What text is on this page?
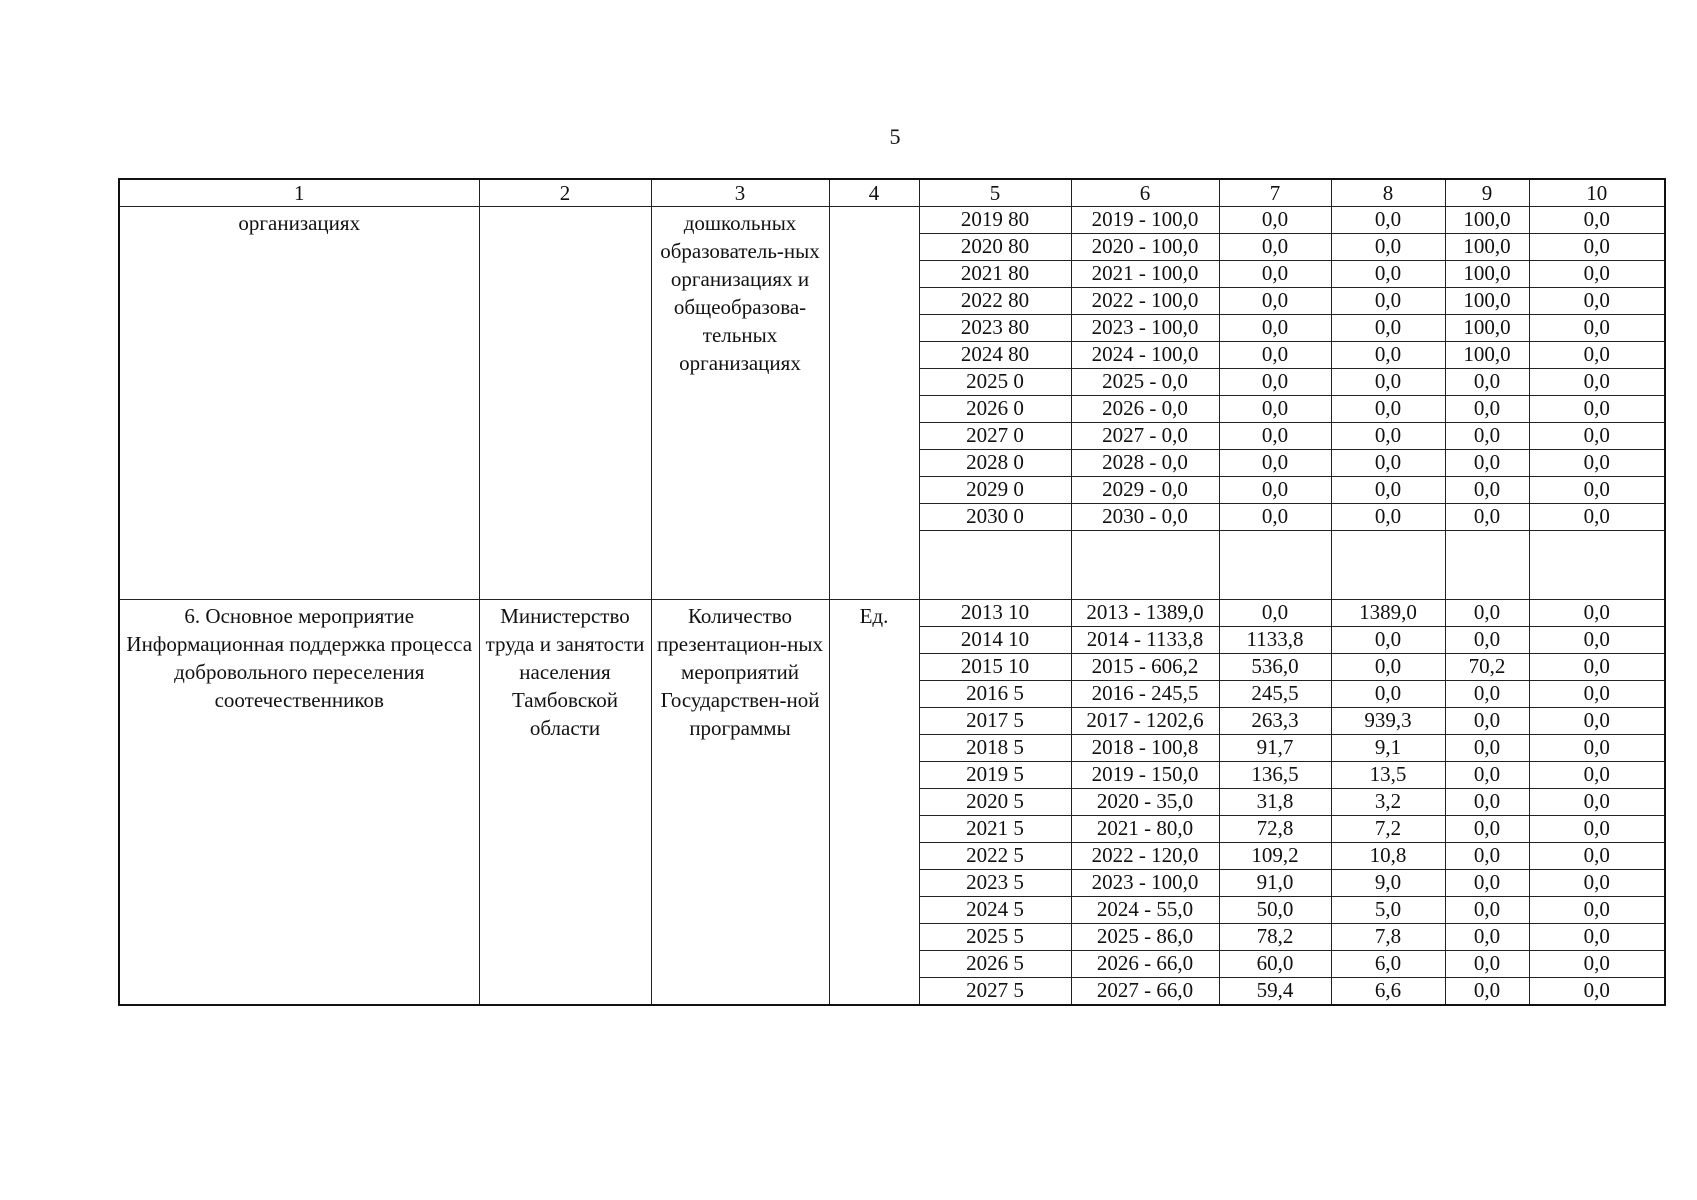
5
1	2	3	4	5	6	7	8	9	10
организациях		дошкольных образователь-ных организациях и общеобразова-тельных организациях		2019 80	2019 - 100,0	0,0	0,0	100,0	0,0
				2020 80	2020 - 100,0	0,0	0,0	100,0	0,0
				2021 80	2021 - 100,0	0,0	0,0	100,0	0,0
				2022 80	2022 - 100,0	0,0	0,0	100,0	0,0
				2023 80	2023 - 100,0	0,0	0,0	100,0	0,0
				2024 80	2024 - 100,0	0,0	0,0	100,0	0,0
				2025 0	2025 - 0,0	0,0	0,0	0,0	0,0
				2026 0	2026 - 0,0	0,0	0,0	0,0	0,0
				2027 0	2027 - 0,0	0,0	0,0	0,0	0,0
				2028 0	2028 - 0,0	0,0	0,0	0,0	0,0
				2029 0	2029 - 0,0	0,0	0,0	0,0	0,0
				2030 0	2030 - 0,0	0,0	0,0	0,0	0,0

6. Основное мероприятие Информационная поддержка процесса добровольного переселения соотечественников	Министерство труда и занятости населения Тамбовской области	Количество презентацион-ных мероприятий Государствен-ной программы	Ед.	2013 10	2013 - 1389,0	0,0	1389,0	0,0	0,0
				2014 10	2014 - 1133,8	1133,8	0,0	0,0	0,0
				2015 10	2015 - 606,2	536,0	0,0	70,2	0,0
				2016 5	2016 - 245,5	245,5	0,0	0,0	0,0
				2017 5	2017 - 1202,6	263,3	939,3	0,0	0,0
				2018 5	2018 - 100,8	91,7	9,1	0,0	0,0
				2019 5	2019 - 150,0	136,5	13,5	0,0	0,0
				2020 5	2020 - 35,0	31,8	3,2	0,0	0,0
				2021 5	2021 - 80,0	72,8	7,2	0,0	0,0
				2022 5	2022 - 120,0	109,2	10,8	0,0	0,0
				2023 5	2023 - 100,0	91,0	9,0	0,0	0,0
				2024 5	2024 - 55,0	50,0	5,0	0,0	0,0
				2025 5	2025 - 86,0	78,2	7,8	0,0	0,0
				2026 5	2026 - 66,0	60,0	6,0	0,0	0,0
				2027 5	2027 - 66,0	59,4	6,6	0,0	0,0
